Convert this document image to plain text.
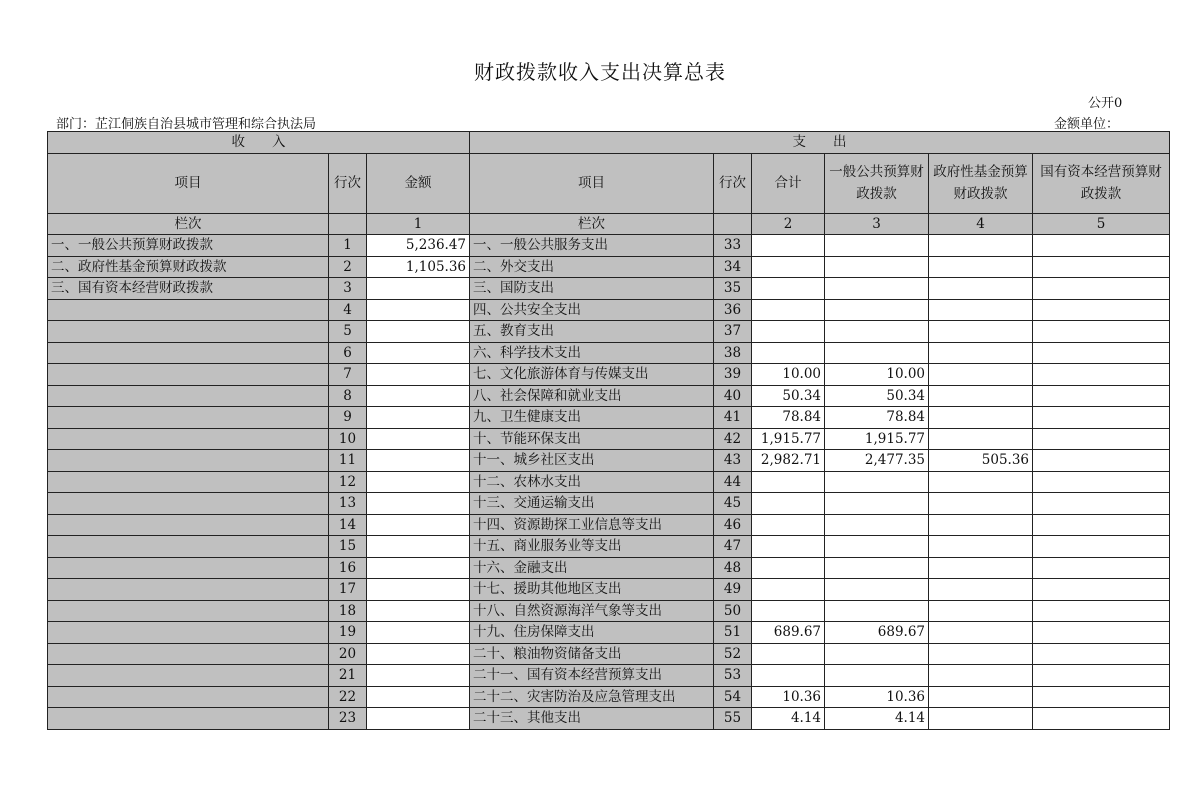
财政拨款收入支出决算总表
公开0
部门：芷江侗族自治县城市管理和综合执法局	金额单位：
收　　入			支　　出					
项目	行次	金额	项目	行次	合计	一般公共预算财政拨款	政府性基金预算财政拨款	国有资本经营预算财政拨款
栏次		1	栏次		2	3	4	5
一、一般公共预算财政拨款	1	5,236.47	一、一般公共服务支出	33				
二、政府性基金预算财政拨款	2	1,105.36	二、外交支出	34				
三、国有资本经营财政拨款	3		三、国防支出	35				
	4		四、公共安全支出	36				
	5		五、教育支出	37				
	6		六、科学技术支出	38				
	7		七、文化旅游体育与传媒支出	39	10.00	10.00		
	8		八、社会保障和就业支出	40	50.34	50.34		
	9		九、卫生健康支出	41	78.84	78.84		
	10		十、节能环保支出	42	1,915.77	1,915.77		
	11		十一、城乡社区支出	43	2,982.71	2,477.35	505.36	
	12		十二、农林水支出	44				
	13		十三、交通运输支出	45				
	14		十四、资源勘探工业信息等支出	46				
	15		十五、商业服务业等支出	47				
	16		十六、金融支出	48				
	17		十七、援助其他地区支出	49				
	18		十八、自然资源海洋气象等支出	50				
	19		十九、住房保障支出	51	689.67	689.67		
	20		二十、粮油物资储备支出	52				
	21		二十一、国有资本经营预算支出	53				
	22		二十二、灾害防治及应急管理支出	54	10.36	10.36		
	23		二十三、其他支出	55	4.14	4.14		
